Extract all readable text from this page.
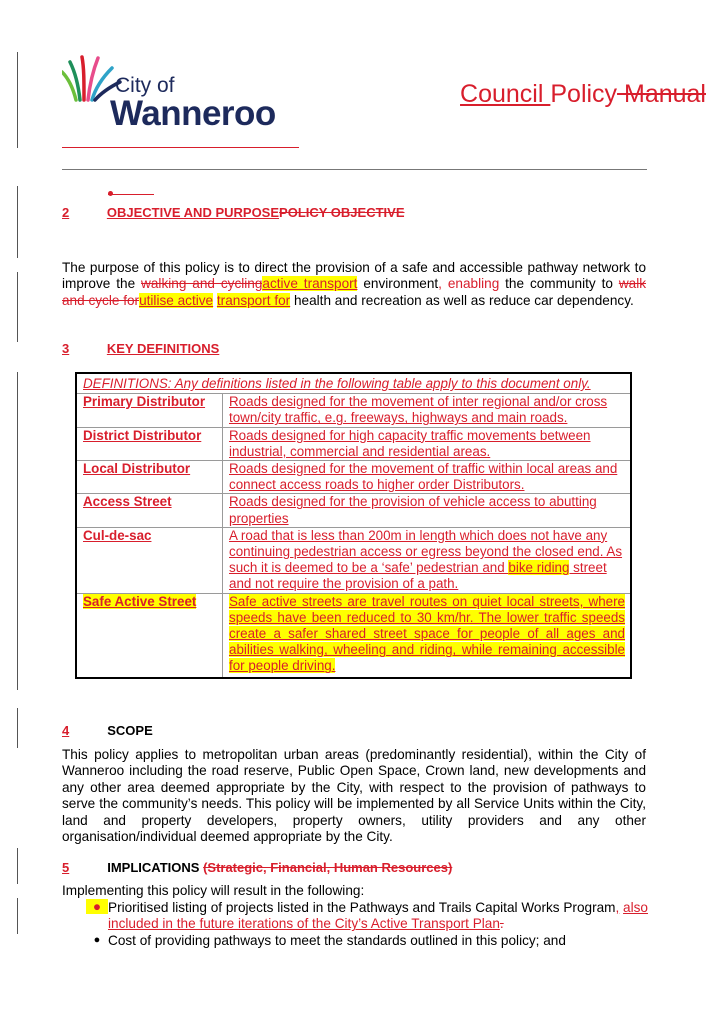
City of
Wanneroo	Council Policy Manual
2	OBJECTIVE AND PURPOSEPOLICY OBJECTIVE
The purpose of this policy is to direct the provision of a safe and accessible pathway network to improve the walking and cyclingactive transport environment, enabling the community to walk and cycle forutilise active transport for health and recreation as well as reduce car dependency.
3	KEY DEFINITIONS
DEFINITIONS: Any definitions listed in the following table apply to this document only.	
Primary Distributor	Roads designed for the movement of inter regional and/or cross town/city traffic, e.g. freeways, highways and main roads.
District Distributor	Roads designed for high capacity traffic movements between industrial, commercial and residential areas.
Local Distributor	Roads designed for the movement of traffic within local areas and connect access roads to higher order Distributors.
Access Street	Roads designed for the provision of vehicle access to abutting properties
Cul-de-sac	A road that is less than 200m in length which does not have any continuing pedestrian access or egress beyond the closed end. As such it is deemed to be a ‘safe’ pedestrian and bike riding street and not require the provision of a path.
Safe Active Street	Safe active streets are travel routes on quiet local streets, where speeds have been reduced to 30 km/hr. The lower traffic speeds create a safer shared street space for people of all ages and abilities walking, wheeling and riding, while remaining accessible for people driving.
4	SCOPE
This policy applies to metropolitan urban areas (predominantly residential), within the City of Wanneroo including the road reserve, Public Open Space, Crown land, new developments and any other area deemed appropriate by the City, with respect to the provision of pathways to serve the community’s needs. This policy will be implemented by all Service Units within the City, land and property developers, property owners, utility providers and any other organisation/individual deemed appropriate by the City.
5	IMPLICATIONS (Strategic, Financial, Human Resources)
Implementing this policy will result in the following:
● Prioritised listing of projects listed in the Pathways and Trails Capital Works Program, also included in the future iterations of the City’s Active Transport Plan.
● Cost of providing pathways to meet the standards outlined in this policy; and
